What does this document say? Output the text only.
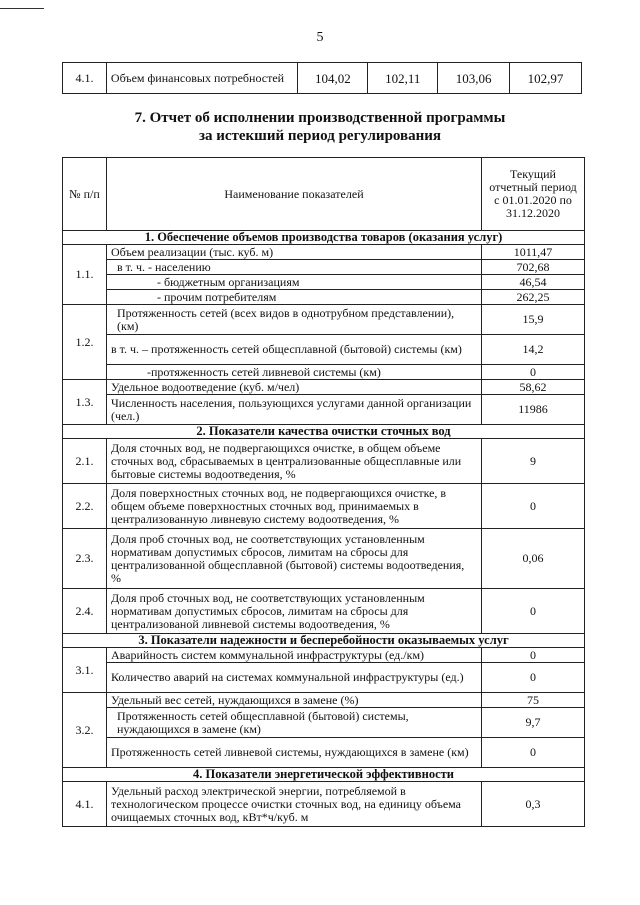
5
4.1.	Объем финансовых потребностей	104,02	102,11	103,06	102,97
7. Отчет об исполнении производственной программы
за истекший период регулирования
№ п/п	Наименование показателей	Текущий отчетный период с 01.01.2020 по 31.12.2020
1. Обеспечение объемов производства товаров (оказания услуг)		
1.1.	Объем реализации (тыс. куб. м)	1011,47
	в т. ч. - населению	702,68
	- бюджетным организациям	46,54
	- прочим потребителям	262,25
1.2.	Протяженность сетей (всех видов в однотрубном представлении), (км)	15,9
	в т. ч. – протяженность сетей общесплавной (бытовой) системы (км)	14,2
	-протяженность сетей ливневой системы (км)	0
1.3.	Удельное водоотведение (куб. м/чел)	58,62
	Численность населения, пользующихся услугами данной организации (чел.)	11986
2. Показатели качества очистки сточных вод		
2.1.	Доля сточных вод, не подвергающихся очистке, в общем объеме сточных вод, сбрасываемых в централизованные общесплавные или бытовые системы водоотведения, %	9
2.2.	Доля поверхностных сточных вод, не подвергающихся очистке, в общем объеме поверхностных сточных вод, принимаемых в централизованную ливневую систему водоотведения, %	0
2.3.	Доля проб сточных вод, не соответствующих установленным нормативам допустимых сбросов, лимитам на сбросы для централизованной общесплавной (бытовой) системы водоотведения, %	0,06
2.4.	Доля проб сточных вод, не соответствующих установленным нормативам допустимых сбросов, лимитам на сбросы для централизованой ливневой системы водоотведения, %	0
3. Показатели надежности и бесперебойности оказываемых услуг		
3.1.	Аварийность систем коммунальной инфраструктуры (ед./км)	0
	Количество аварий на системах коммунальной инфраструктуры (ед.)	0
3.2.	Удельный вес сетей, нуждающихся в замене (%)	75
	Протяженность сетей общесплавной (бытовой) системы, нуждающихся в замене (км)	9,7
	Протяженность сетей ливневой системы, нуждающихся в замене (км)	0
4. Показатели энергетической эффективности		
4.1.	Удельный расход электрической энергии, потребляемой в технологическом процессе очистки сточных вод, на единицу объема очищаемых сточных вод, кВт*ч/куб. м	0,3
